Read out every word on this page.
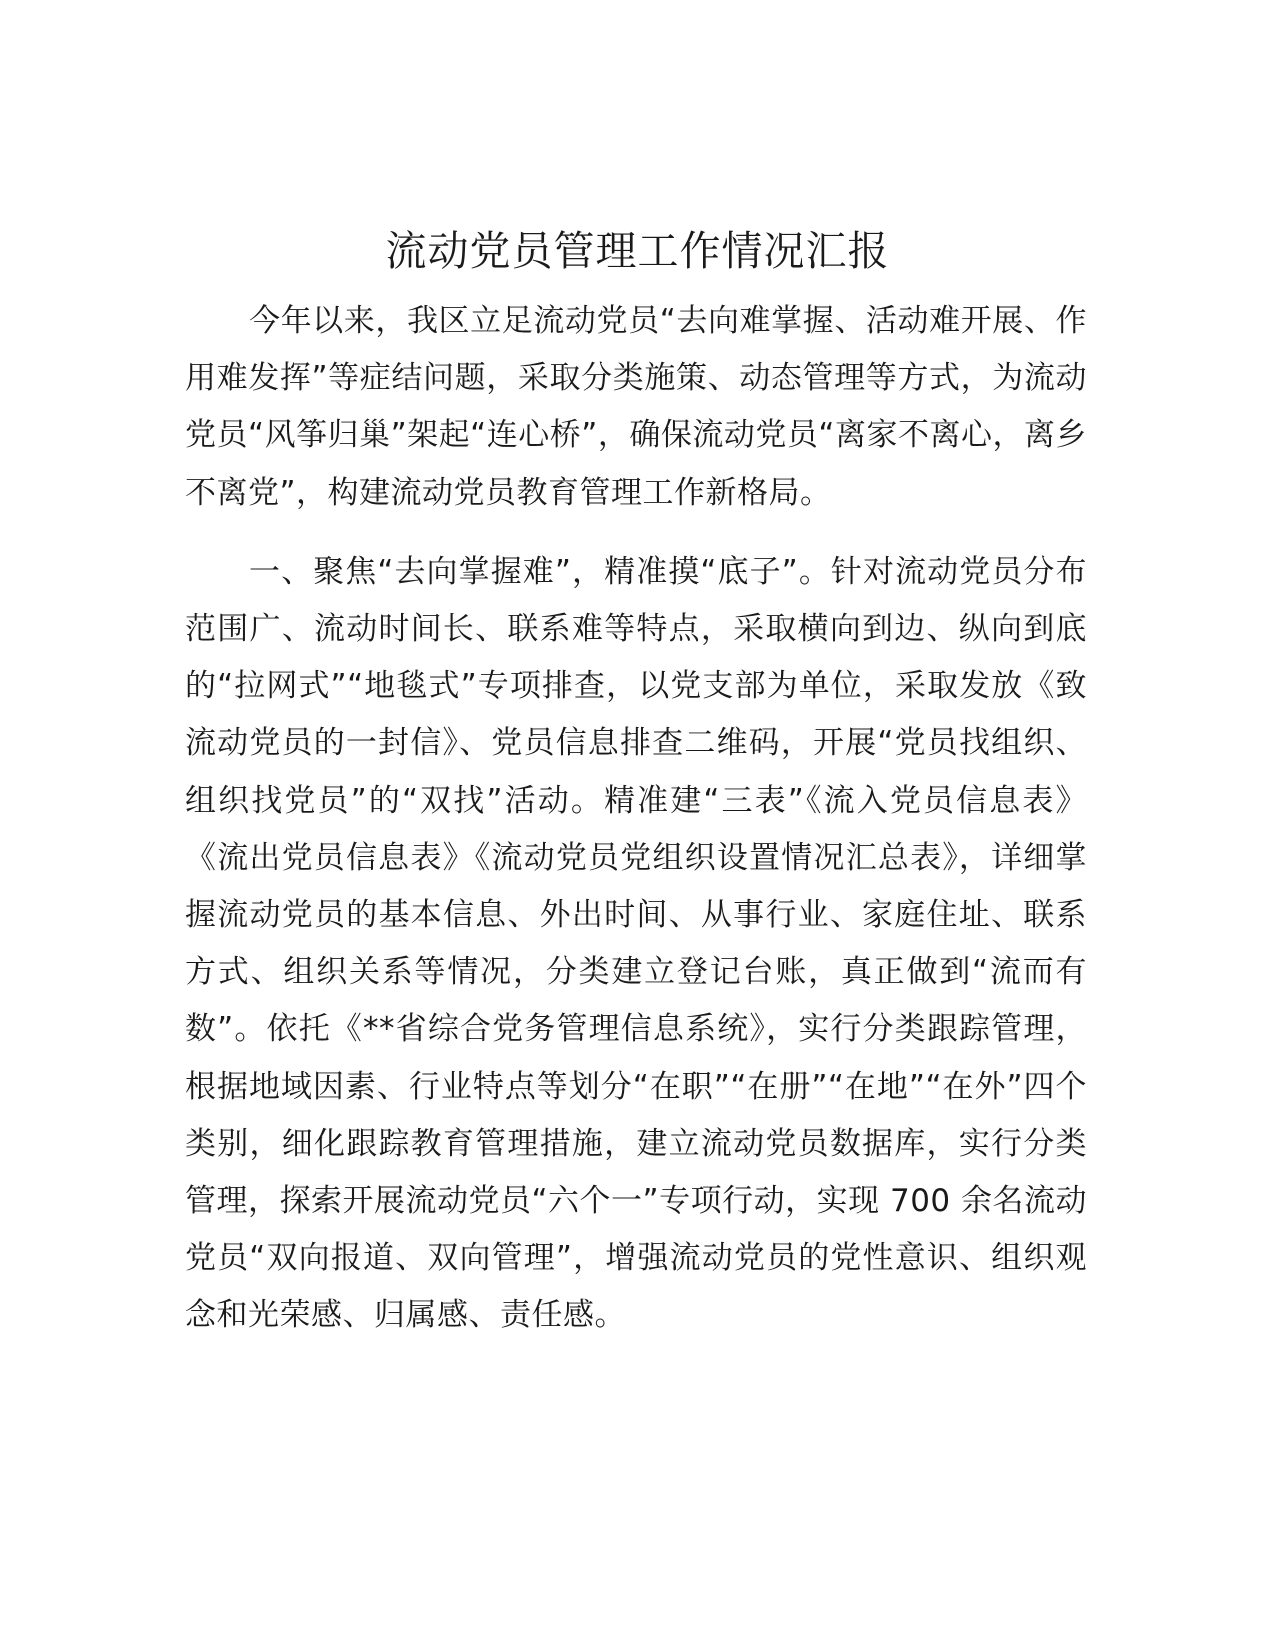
流动党员管理工作情况汇报

今年以来，我区立足流动党员“去向难掌握、活动难开展、作用难发挥”等症结问题，采取分类施策、动态管理等方式，为流动党员“风筝归巢”架起“连心桥”，确保流动党员“离家不离心，离乡不离党”，构建流动党员教育管理工作新格局。

一、聚焦“去向掌握难”，精准摸“底子”。针对流动党员分布范围广、流动时间长、联系难等特点，采取横向到边、纵向到底的“拉网式”“地毯式”专项排查，以党支部为单位，采取发放《致流动党员的一封信》、党员信息排查二维码，开展“党员找组织、组织找党员”的“双找”活动。精准建“三表”《流入党员信息表》《流出党员信息表》《流动党员党组织设置情况汇总表》，详细掌握流动党员的基本信息、外出时间、从事行业、家庭住址、联系方式、组织关系等情况，分类建立登记台账，真正做到“流而有数”。依托《**省综合党务管理信息系统》，实行分类跟踪管理，根据地域因素、行业特点等划分“在职”“在册”“在地”“在外”四个类别，细化跟踪教育管理措施，建立流动党员数据库，实行分类管理，探索开展流动党员“六个一”专项行动，实现 700 余名流动党员“双向报道、双向管理”，增强流动党员的党性意识、组织观念和光荣感、归属感、责任感。
